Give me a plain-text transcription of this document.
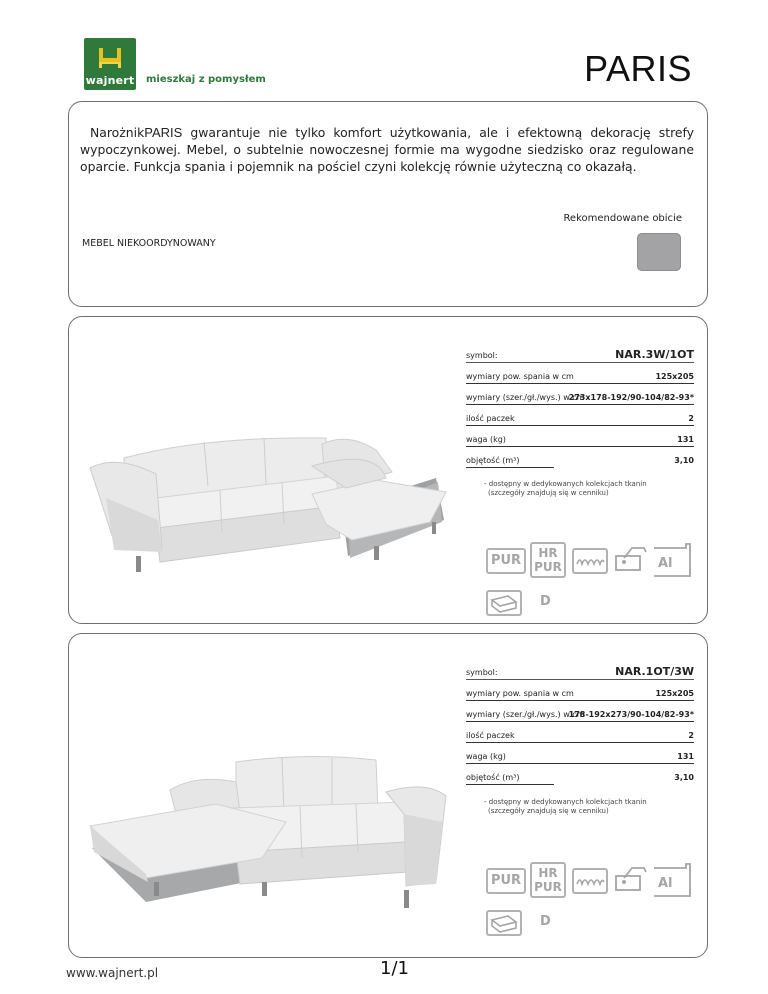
wajnert mieszkaj z pomysłem	PARIS
NarożnikPARIS gwarantuje nie tylko komfort użytkowania, ale i efektowną dekorację strefy wypoczynkowej. Mebel, o subtelnie nowoczesnej formie ma wygodne siedzisko oraz regulowane oparcie. Funkcja spania i pojemnik na pościel czyni kolekcję równie użyteczną co okazałą.
Rekomendowane obicie
MEBEL NIEKOORDYNOWANY
symbol:	NAR.3W/1OT
wymiary pow. spania w cm	125x205
wymiary (szer./gł./wys.) w cm
273x178-192/90-104/82-93*
ilość paczek	2
waga (kg)	131
objętość (m³)	3,10
- dostępny w dedykowanych kolekcjach tkanin
(szczegóły znajdują się w cenniku)
PUR	HR
PUR	Al
D
symbol:	NAR.1OT/3W
wymiary pow. spania w cm	125x205
wymiary (szer./gł./wys.) w cm
178-192x273/90-104/82-93*
ilość paczek	2
waga (kg)	131
objętość (m³)	3,10
- dostępny w dedykowanych kolekcjach tkanin
(szczegóły znajdują się w cenniku)
PUR	HR
PUR	Al
D
www.wajnert.pl	1/1
